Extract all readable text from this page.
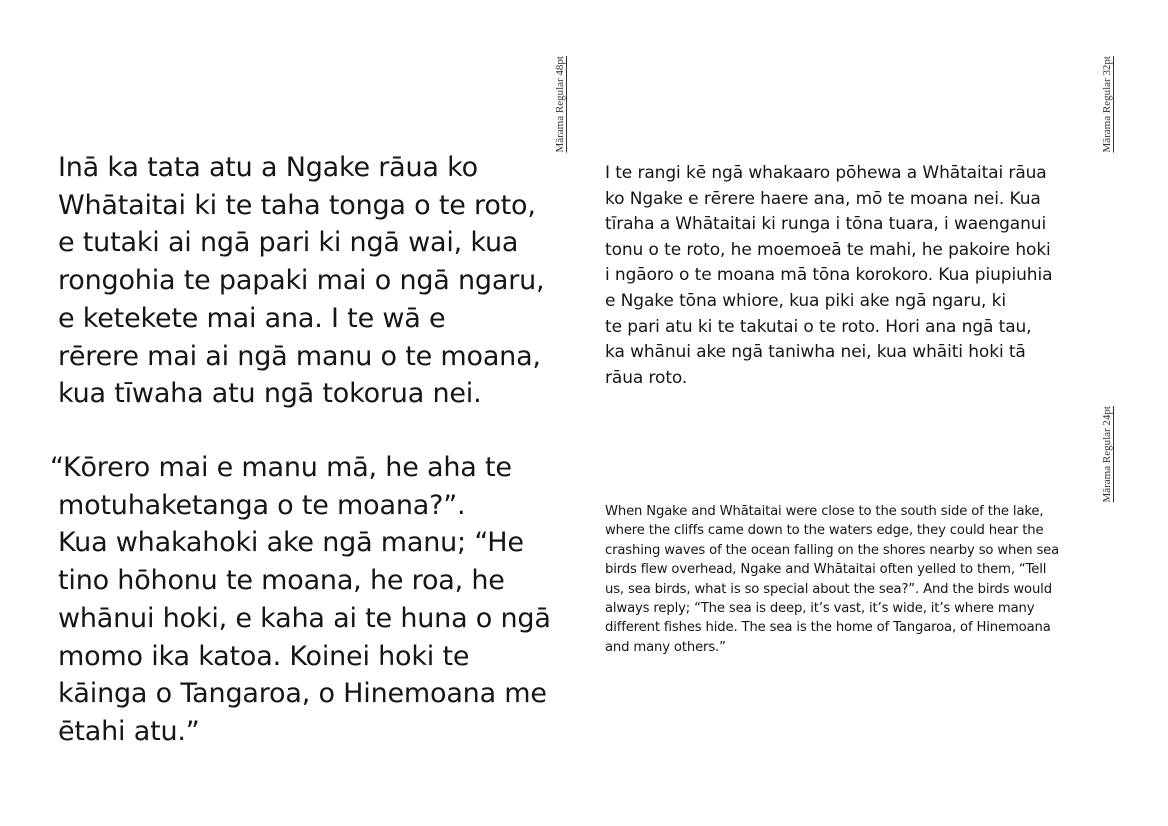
Mārama Regular 48pt	Mārama Regular 32pt
Mārama Regular 24pt

Inā ka tata atu a Ngake rāua ko
Whātaitai ki te taha tonga o te roto,
e tutaki ai ngā pari ki ngā wai, kua
rongohia te papaki mai o ngā ngaru,
e ketekete mai ana. I te wā e
rērere mai ai ngā manu o te moana,
kua tīwaha atu ngā tokorua nei.

“Kōrero mai e manu mā, he aha te
motuhaketanga o te moana?”.
Kua whakahoki ake ngā manu; “He
tino hōhonu te moana, he roa, he
whānui hoki, e kaha ai te huna o ngā
momo ika katoa. Koinei hoki te
kāinga o Tangaroa, o Hinemoana me
ētahi atu.”

I te rangi kē ngā whakaaro pōhewa a Whātaitai rāua
ko Ngake e rērere haere ana, mō te moana nei. Kua
tīraha a Whātaitai ki runga i tōna tuara, i waenganui
tonu o te roto, he moemoeā te mahi, he pakoire hoki
i ngāoro o te moana mā tōna korokoro. Kua piupiuhia
e Ngake tōna whiore, kua piki ake ngā ngaru, ki
te pari atu ki te takutai o te roto. Hori ana ngā tau,
ka whānui ake ngā taniwha nei, kua whāiti hoki tā
rāua roto.

When Ngake and Whātaitai were close to the south side of the lake,
where the cliffs came down to the waters edge, they could hear the
crashing waves of the ocean falling on the shores nearby so when sea
birds flew overhead, Ngake and Whātaitai often yelled to them, “Tell
us, sea birds, what is so special about the sea?”. And the birds would
always reply; “The sea is deep, it’s vast, it’s wide, it’s where many
different fishes hide. The sea is the home of Tangaroa, of Hinemoana
and many others.”
